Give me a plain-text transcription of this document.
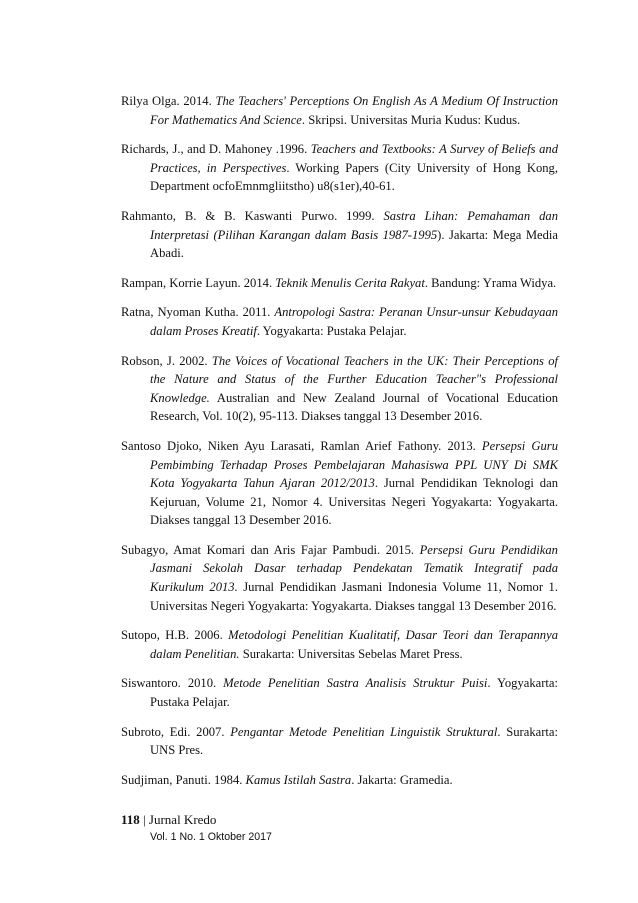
Rilya Olga. 2014. The Teachers' Perceptions On English As A Medium Of Instruction For Mathematics And Science. Skripsi. Universitas Muria Kudus: Kudus.

Richards, J., and D. Mahoney .1996. Teachers and Textbooks: A Survey of Beliefs and Practices, in Perspectives. Working Papers (City University of Hong Kong, Department ocfoEmnmgliitstho) u8(s1er),40-61.

Rahmanto, B. & B. Kaswanti Purwo. 1999. Sastra Lihan: Pemahaman dan Interpretasi (Pilihan Karangan dalam Basis 1987-1995). Jakarta: Mega Media Abadi.

Rampan, Korrie Layun. 2014. Teknik Menulis Cerita Rakyat. Bandung: Yrama Widya.

Ratna, Nyoman Kutha. 2011. Antropologi Sastra: Peranan Unsur-unsur Kebudayaan dalam Proses Kreatif. Yogyakarta: Pustaka Pelajar.

Robson, J. 2002. The Voices of Vocational Teachers in the UK: Their Perceptions of the Nature and Status of the Further Education Teacher"s Professional Knowledge. Australian and New Zealand Journal of Vocational Education Research, Vol. 10(2), 95-113. Diakses tanggal 13 Desember 2016.

Santoso Djoko, Niken Ayu Larasati, Ramlan Arief Fathony. 2013. Persepsi Guru Pembimbing Terhadap Proses Pembelajaran Mahasiswa PPL UNY Di SMK Kota Yogyakarta Tahun Ajaran 2012/2013. Jurnal Pendidikan Teknologi dan Kejuruan, Volume 21, Nomor 4. Universitas Negeri Yogyakarta: Yogyakarta. Diakses tanggal 13 Desember 2016.

Subagyo, Amat Komari dan Aris Fajar Pambudi. 2015. Persepsi Guru Pendidikan Jasmani Sekolah Dasar terhadap Pendekatan Tematik Integratif pada Kurikulum 2013. Jurnal Pendidikan Jasmani Indonesia Volume 11, Nomor 1. Universitas Negeri Yogyakarta: Yogyakarta. Diakses tanggal 13 Desember 2016.

Sutopo, H.B. 2006. Metodologi Penelitian Kualitatif, Dasar Teori dan Terapannya dalam Penelitian. Surakarta: Universitas Sebelas Maret Press.

Siswantoro. 2010. Metode Penelitian Sastra Analisis Struktur Puisi. Yogyakarta: Pustaka Pelajar.

Subroto, Edi. 2007. Pengantar Metode Penelitian Linguistik Struktural. Surakarta: UNS Pres.

Sudjiman, Panuti. 1984. Kamus Istilah Sastra. Jakarta: Gramedia.

118 | Jurnal Kredo
Vol. 1 No. 1 Oktober 2017
